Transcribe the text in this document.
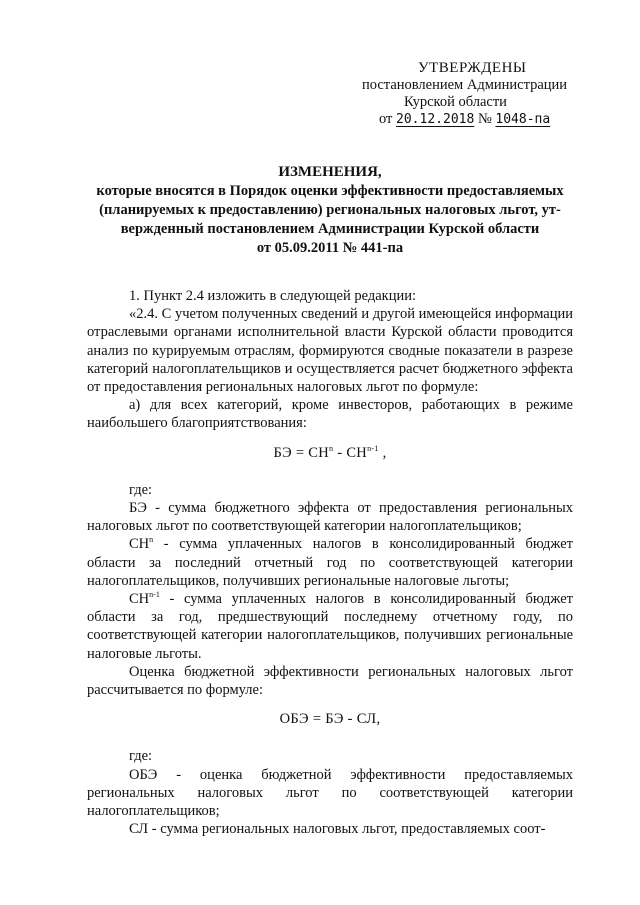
УТВЕРЖДЕНЫ
постановлением Администрации
Курской области
от 20.12.2018 № 1048-па
ИЗМЕНЕНИЯ,
которые вносятся в Порядок оценки эффективности предоставляемых
(планируемых к предоставлению) региональных налоговых льгот, ут-
вержденный постановлением Администрации Курской области
от 05.09.2011 № 441-па

1. Пункт 2.4 изложить в следующей редакции:

«2.4. С учетом полученных сведений и другой имеющейся информации отраслевыми органами исполнительной власти Курской области проводится анализ по курируемым отраслям, формируются сводные показатели в разрезе категорий налогоплательщиков и осуществляется расчет бюджетного эффекта от предоставления региональных налоговых льгот по формуле:

а) для всех категорий, кроме инвесторов, работающих в режиме наибольшего благоприятствования:

БЭ = $СН^n - СН^{n-1}$ ,

где:

БЭ - сумма бюджетного эффекта от предоставления региональных налоговых льгот по соответствующей категории налогоплательщиков;

$СН^n$ - сумма уплаченных налогов в консолидированный бюджет области за последний отчетный год по соответствующей категории налогоплательщиков, получивших региональные налоговые льготы;

СН$^{n-1}$ - сумма уплаченных налогов в консолидированный бюджет области за год, предшествующий последнему отчетному году, по соответствующей категории налогоплательщиков, получивших региональные налоговые льготы.

Оценка бюджетной эффективности региональных налоговых льгот рассчитывается по формуле:

ОБЭ = БЭ - СЛ,

где:

ОБЭ - оценка бюджетной эффективности предоставляемых региональных налоговых льгот по соответствующей категории налогоплательщиков;

СЛ - сумма региональных налоговых льгот, предоставляемых соот-
